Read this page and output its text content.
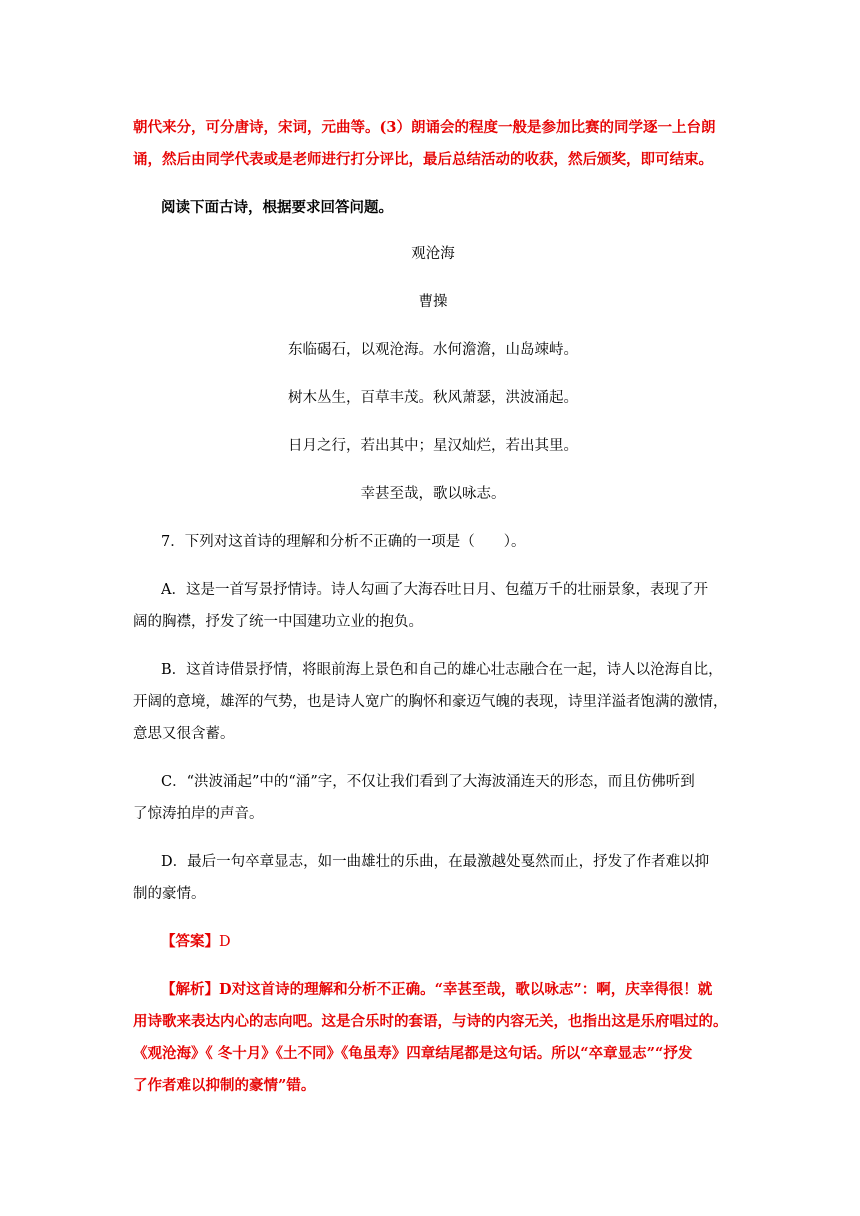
朝代来分，可分唐诗，宋词，元曲等。(3）朗诵会的程度一般是参加比赛的同学逐一上台朗
诵，然后由同学代表或是老师进行打分评比，最后总结活动的收获，然后颁奖，即可结束。
阅读下面古诗，根据要求回答问题。
观沧海
曹操
东临碣石，以观沧海。水何澹澹，山岛竦峙。
树木丛生，百草丰茂。秋风萧瑟，洪波涌起。
日月之行，若出其中；星汉灿烂，若出其里。
幸甚至哉，歌以咏志。
7．下列对这首诗的理解和分析不正确的一项是（　　）。
A．这是一首写景抒情诗。诗人勾画了大海吞吐日月、包蕴万千的壮丽景象，表现了开
阔的胸襟，抒发了统一中国建功立业的抱负。
B．这首诗借景抒情，将眼前海上景色和自己的雄心壮志融合在一起，诗人以沧海自比，
开阔的意境，雄浑的气势，也是诗人宽广的胸怀和豪迈气魄的表现，诗里洋溢者饱满的激情，
意思又很含蓄。
C．“洪波涌起”中的“涌”字，不仅让我们看到了大海波涌连天的形态，而且仿佛听到
了惊涛拍岸的声音。
D．最后一句卒章显志，如一曲雄壮的乐曲，在最激越处戛然而止，抒发了作者难以抑
制的豪情。
【答案】D
【解析】D对这首诗的理解和分析不正确。“幸甚至哉，歌以咏志”：啊，庆幸得很！就
用诗歌来表达内心的志向吧。这是合乐时的套语，与诗的内容无关，也指出这是乐府唱过的。
《观沧海》《 冬十月》《土不同》《龟虽寿》四章结尾都是这句话。所以“卒章显志”“抒发
了作者难以抑制的豪情”错。
